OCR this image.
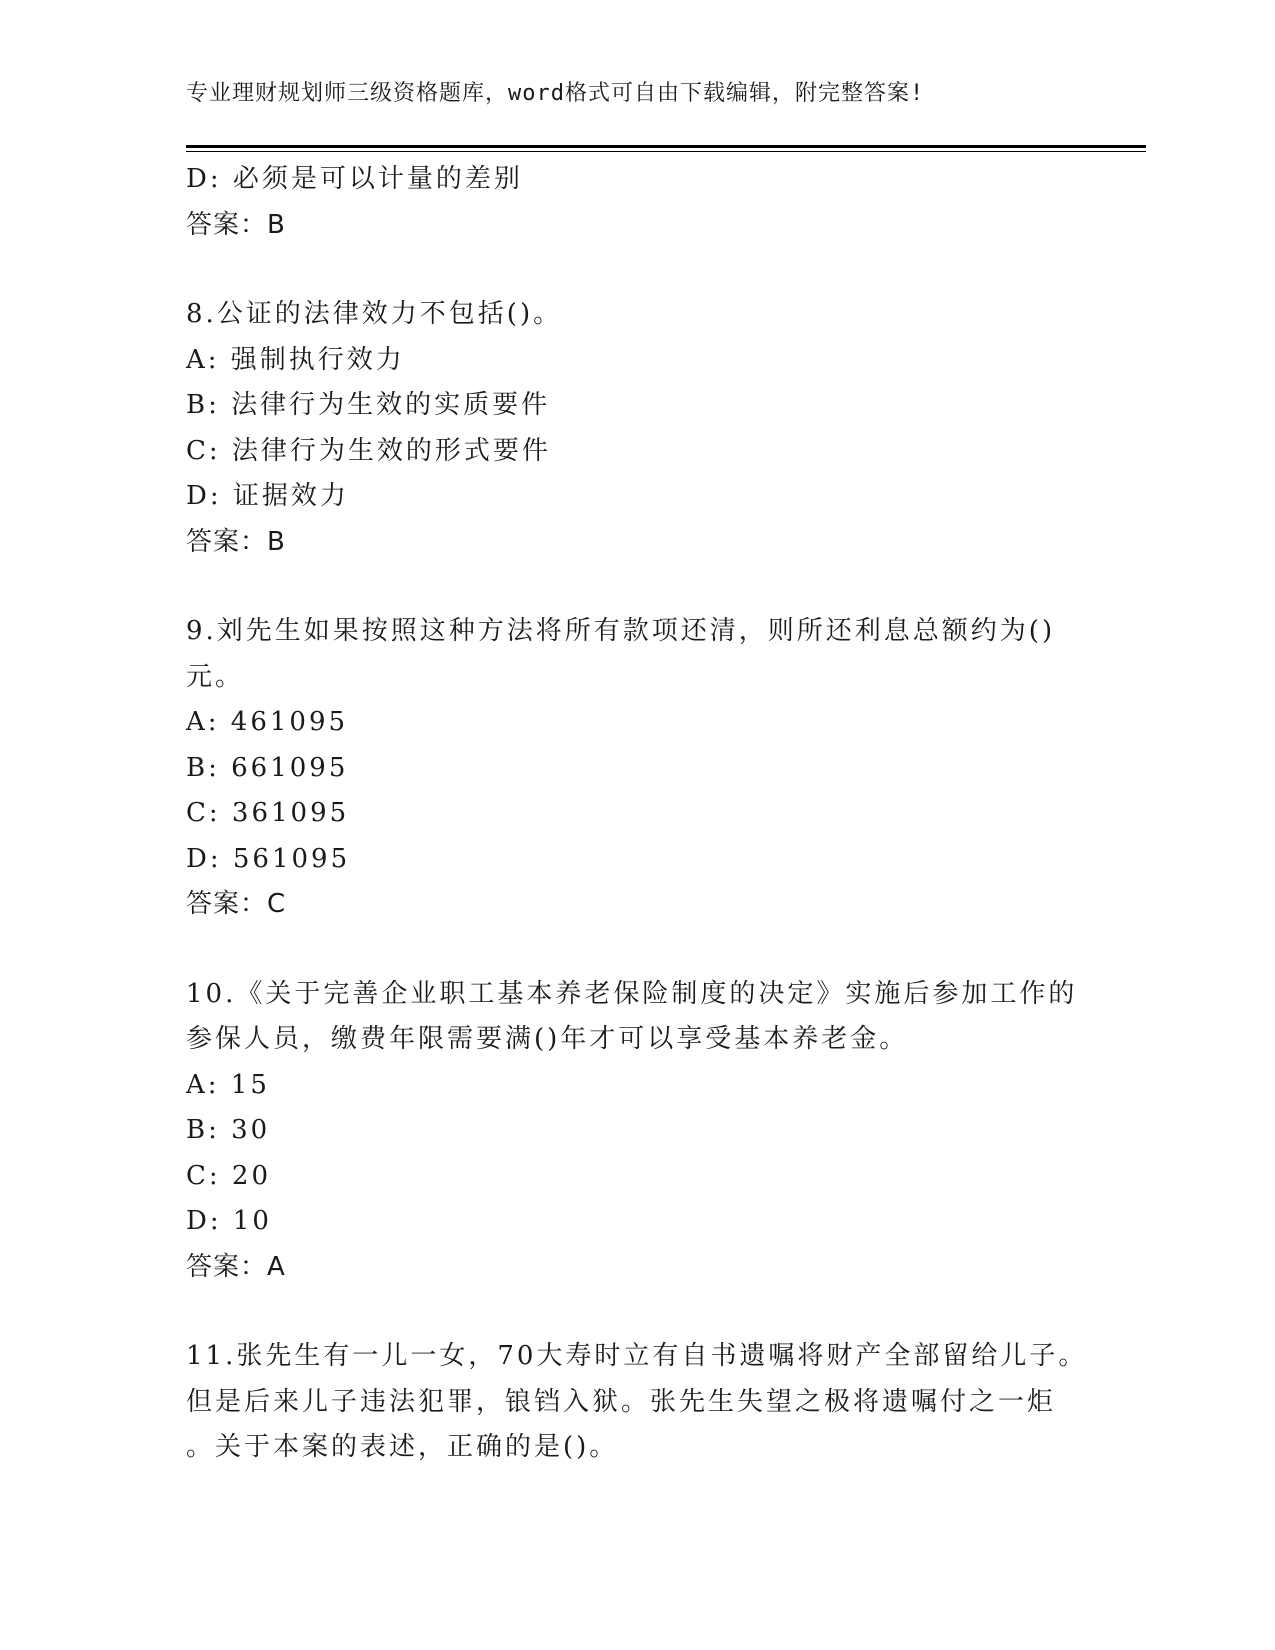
专业理财规划师三级资格题库，word格式可自由下载编辑，附完整答案!
D: 必须是可以计量的差别
答案：B
8.公证的法律效力不包括()。
A: 强制执行效力
B: 法律行为生效的实质要件
C: 法律行为生效的形式要件
D: 证据效力
答案：B
9.刘先生如果按照这种方法将所有款项还清，则所还利息总额约为()
元。
A: 461095
B: 661095
C: 361095
D: 561095
答案：C
10.《关于完善企业职工基本养老保险制度的决定》实施后参加工作的
参保人员，缴费年限需要满()年才可以享受基本养老金。
A: 15
B: 30
C: 20
D: 10
答案：A
11.张先生有一儿一女，70大寿时立有自书遗嘱将财产全部留给儿子。
但是后来儿子违法犯罪，锒铛入狱。张先生失望之极将遗嘱付之一炬
。关于本案的表述，正确的是()。
